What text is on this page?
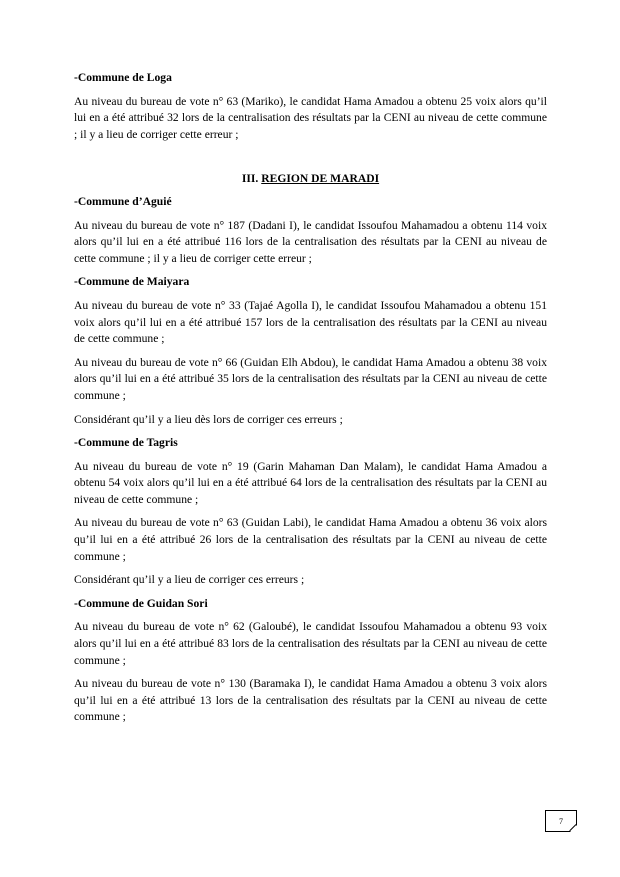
-Commune de Loga
Au niveau du bureau de vote n° 63 (Mariko), le candidat Hama Amadou a obtenu 25 voix alors qu’il lui en a été attribué 32 lors de la centralisation des résultats par la CENI au niveau de cette commune ; il y a lieu de corriger cette erreur ;
III. REGION DE MARADI
-Commune d’Aguié
Au niveau du bureau de vote n° 187 (Dadani I), le candidat Issoufou Mahamadou a obtenu 114 voix alors qu’il lui en a été attribué 116 lors de la centralisation des résultats par la CENI au niveau de cette commune ; il y a lieu de corriger cette erreur ;
-Commune de Maiyara
Au niveau du bureau de vote n° 33 (Tajaé Agolla I), le candidat Issoufou Mahamadou a obtenu 151 voix alors qu’il lui en a été attribué 157 lors de la centralisation des résultats par la CENI au niveau de cette commune ;
Au niveau du bureau de vote n° 66 (Guidan Elh Abdou), le candidat Hama Amadou a obtenu 38 voix alors qu’il lui en a été attribué 35 lors de la centralisation des résultats par la CENI au niveau de cette commune ;
Considérant qu’il y a lieu dès lors de corriger ces erreurs ;
-Commune de Tagris
Au niveau du bureau de vote n° 19 (Garin Mahaman Dan Malam), le candidat Hama Amadou a obtenu 54 voix alors qu’il lui en a été attribué 64 lors de la centralisation des résultats par la CENI au niveau de cette commune ;
Au niveau du bureau de vote n° 63 (Guidan Labi), le candidat Hama Amadou a obtenu 36 voix alors qu’il lui en a été attribué 26 lors de la centralisation des résultats par la CENI au niveau de cette commune ;
Considérant qu’il y a lieu de corriger ces erreurs ;
-Commune de Guidan Sori
Au niveau du bureau de vote n° 62 (Galoubé), le candidat Issoufou Mahamadou a obtenu 93 voix alors qu’il lui en a été attribué 83 lors de la centralisation des résultats par la CENI au niveau de cette commune ;
Au niveau du bureau de vote n° 130 (Baramaka I), le candidat Hama Amadou a obtenu 3 voix alors qu’il lui en a été attribué 13 lors de la centralisation des résultats par la CENI au niveau de cette commune ;
7
